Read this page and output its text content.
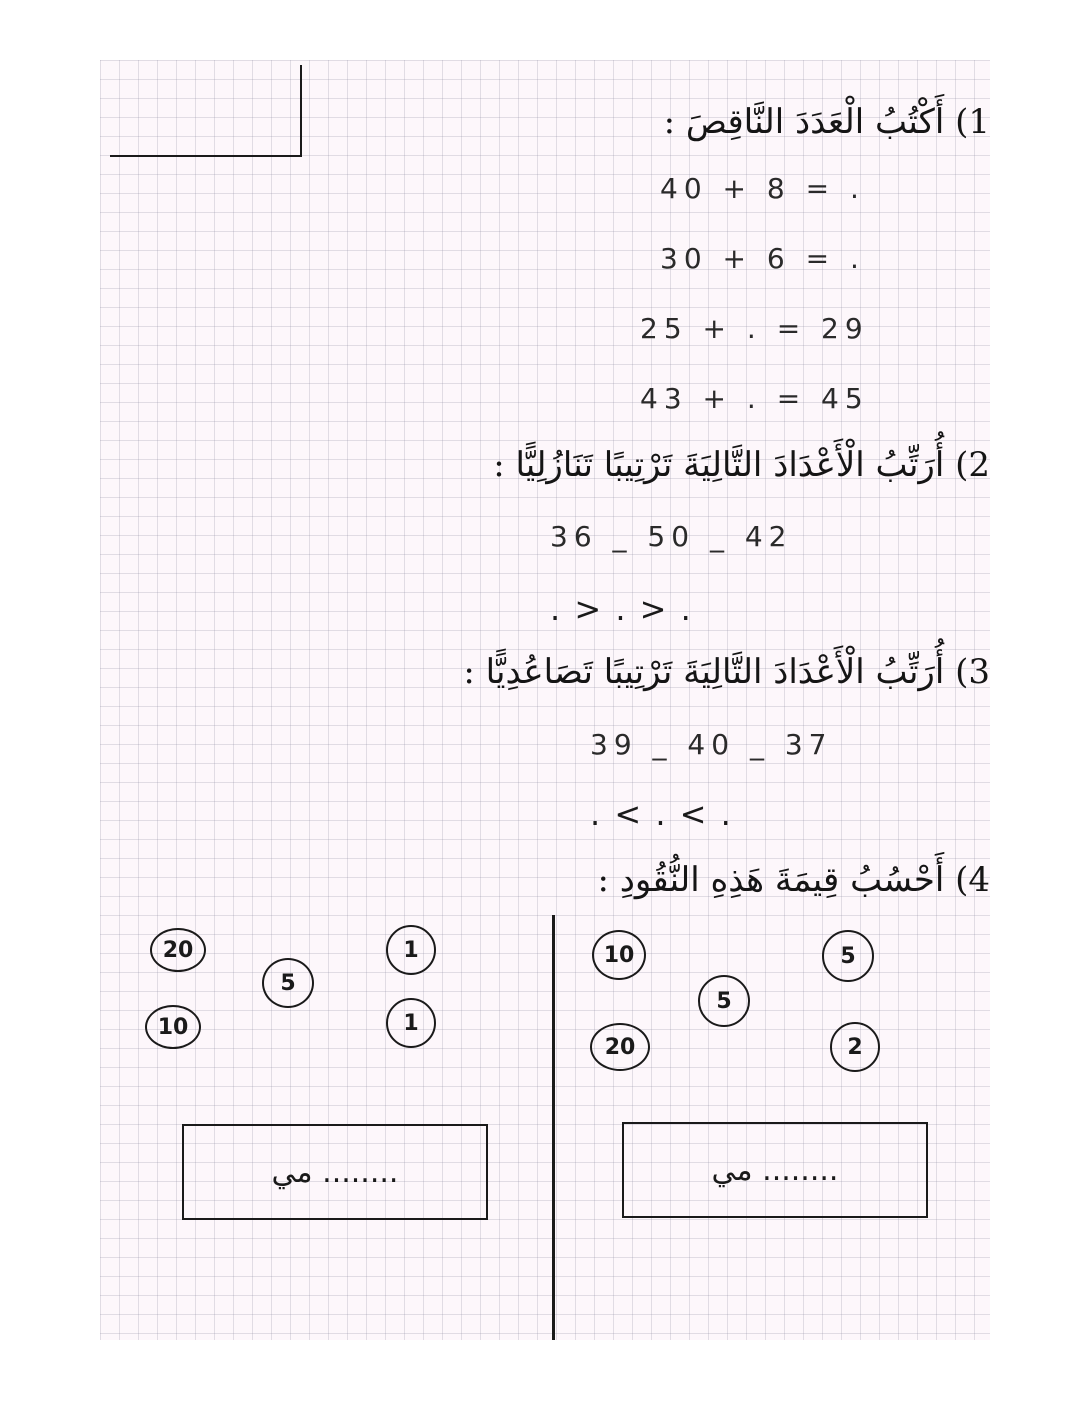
1) أَكْتُبُ الْعَدَدَ النَّاقِصَ :
40 + 8 = .
30 + 6 = .
25 + . = 29
43 + . = 45
2) أُرَتِّبُ الْأَعْدَادَ التَّالِيَةَ تَرْتِيبًا تَنَازُلِيًّا :
36 _ 50 _ 42
. > . > .
3) أُرَتِّبُ الْأَعْدَادَ التَّالِيَةَ تَرْتِيبًا تَصَاعُدِيًّا :
39 _ 40 _ 37
. < . < .
4) أَحْسُبُ قِيمَةَ هَذِهِ النُّقُودِ :
20
10
5
1
1
10
20
5
5
2
........ مي	........ مي
